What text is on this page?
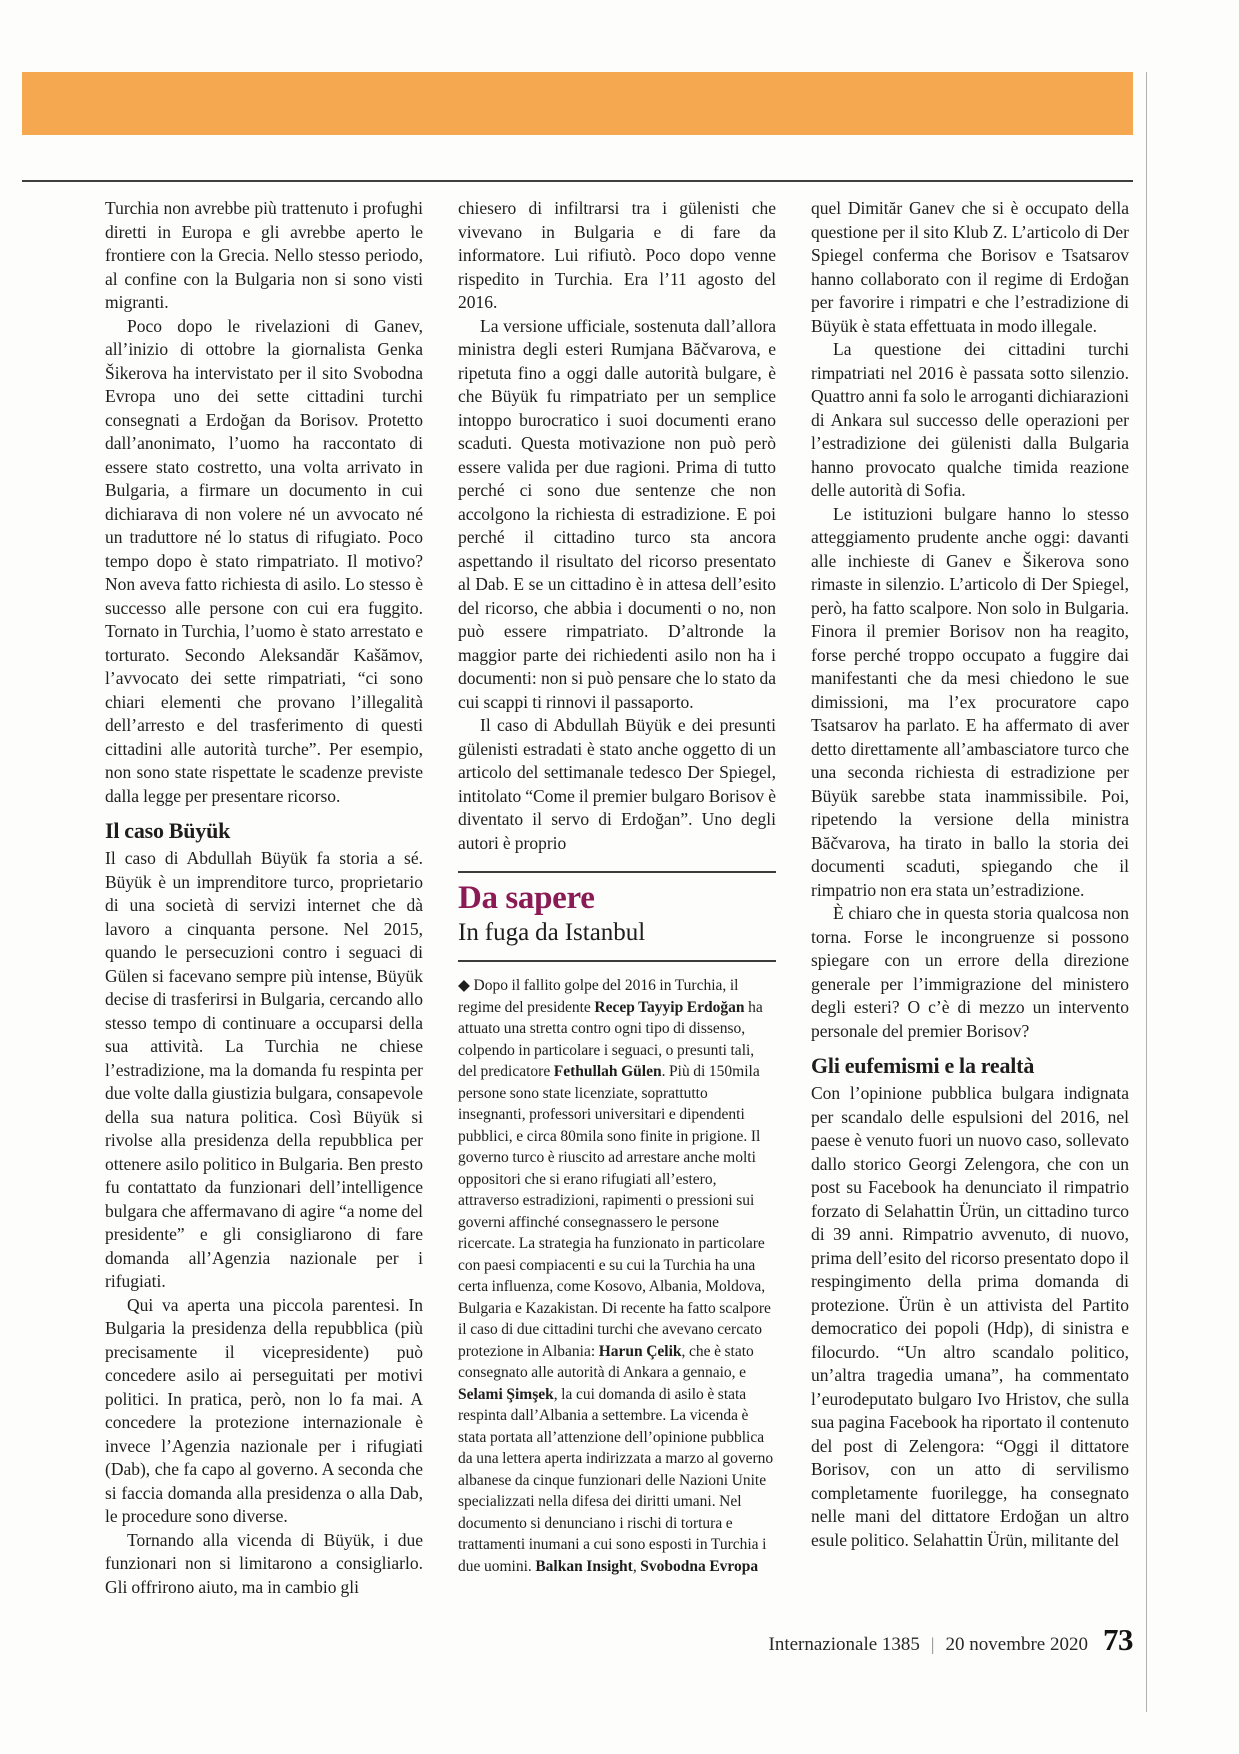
Turchia non avrebbe più trattenuto i profughi diretti in Europa e gli avrebbe aperto le frontiere con la Grecia. Nello stesso periodo, al confine con la Bulgaria non si sono visti migranti.

Poco dopo le rivelazioni di Ganev, all’inizio di ottobre la giornalista Genka Šikerova ha intervistato per il sito Svobodna Evropa uno dei sette cittadini turchi consegnati a Erdoğan da Borisov. Protetto dall’anonimato, l’uomo ha raccontato di essere stato costretto, una volta arrivato in Bulgaria, a firmare un documento in cui dichiarava di non volere né un avvocato né un traduttore né lo status di rifugiato. Poco tempo dopo è stato rimpatriato. Il motivo? Non aveva fatto richiesta di asilo. Lo stesso è successo alle persone con cui era fuggito. Tornato in Turchia, l’uomo è stato arrestato e torturato. Secondo Aleksandăr Kašămov, l’avvocato dei sette rimpatriati, “ci sono chiari elementi che provano l’illegalità dell’arresto e del trasferimento di questi cittadini alle autorità turche”. Per esempio, non sono state rispettate le scadenze previste dalla legge per presentare ricorso.

Il caso Büyük

Il caso di Abdullah Büyük fa storia a sé. Büyük è un imprenditore turco, proprietario di una società di servizi internet che dà lavoro a cinquanta persone. Nel 2015, quando le persecuzioni contro i seguaci di Gülen si facevano sempre più intense, Büyük decise di trasferirsi in Bulgaria, cercando allo stesso tempo di continuare a occuparsi della sua attività. La Turchia ne chiese l’estradizione, ma la domanda fu respinta per due volte dalla giustizia bulgara, consapevole della sua natura politica. Così Büyük si rivolse alla presidenza della repubblica per ottenere asilo politico in Bulgaria. Ben presto fu contattato da funzionari dell’intelligence bulgara che affermavano di agire “a nome del presidente” e gli consigliarono di fare domanda all’Agenzia nazionale per i rifugiati.

Qui va aperta una piccola parentesi. In Bulgaria la presidenza della repubblica (più precisamente il vicepresidente) può concedere asilo ai perseguitati per motivi politici. In pratica, però, non lo fa mai. A concedere la protezione internazionale è invece l’Agenzia nazionale per i rifugiati (Dab), che fa capo al governo. A seconda che si faccia domanda alla presidenza o alla Dab, le procedure sono diverse.

Tornando alla vicenda di Büyük, i due funzionari non si limitarono a consigliarlo. Gli offrirono aiuto, ma in cambio gli

chiesero di infiltrarsi tra i gülenisti che vivevano in Bulgaria e di fare da informatore. Lui rifiutò. Poco dopo venne rispedito in Turchia. Era l’11 agosto del 2016.

La versione ufficiale, sostenuta dall’allora ministra degli esteri Rumjana Băčvarova, e ripetuta fino a oggi dalle autorità bulgare, è che Büyük fu rimpatriato per un semplice intoppo burocratico i suoi documenti erano scaduti. Questa motivazione non può però essere valida per due ragioni. Prima di tutto perché ci sono due sentenze che non accolgono la richiesta di estradizione. E poi perché il cittadino turco sta ancora aspettando il risultato del ricorso presentato al Dab. E se un cittadino è in attesa dell’esito del ricorso, che abbia i documenti o no, non può essere rimpatriato. D’altronde la maggior parte dei richiedenti asilo non ha i documenti: non si può pensare che lo stato da cui scappi ti rinnovi il passaporto.

Il caso di Abdullah Büyük e dei presunti gülenisti estradati è stato anche oggetto di un articolo del settimanale tedesco Der Spiegel, intitolato “Come il premier bulgaro Borisov è diventato il servo di Erdoğan”. Uno degli autori è proprio

Da sapere
In fuga da Istanbul

◆ Dopo il fallito golpe del 2016 in Turchia, il regime del presidente Recep Tayyip Erdoğan ha attuato una stretta contro ogni tipo di dissenso, colpendo in particolare i seguaci, o presunti tali, del predicatore Fethullah Gülen. Più di 150mila persone sono state licenziate, soprattutto insegnanti, professori universitari e dipendenti pubblici, e circa 80mila sono finite in prigione. Il governo turco è riuscito ad arrestare anche molti oppositori che si erano rifugiati all’estero, attraverso estradizioni, rapimenti o pressioni sui governi affinché consegnassero le persone ricercate. La strategia ha funzionato in particolare con paesi compiacenti e su cui la Turchia ha una certa influenza, come Kosovo, Albania, Moldova, Bulgaria e Kazakistan. Di recente ha fatto scalpore il caso di due cittadini turchi che avevano cercato protezione in Albania: Harun Çelik, che è stato consegnato alle autorità di Ankara a gennaio, e Selami Şimşek, la cui domanda di asilo è stata respinta dall’Albania a settembre. La vicenda è stata portata all’attenzione dell’opinione pubblica da una lettera aperta indirizzata a marzo al governo albanese da cinque funzionari delle Nazioni Unite specializzati nella difesa dei diritti umani. Nel documento si denunciano i rischi di tortura e trattamenti inumani a cui sono esposti in Turchia i due uomini. Balkan Insight, Svobodna Evropa

quel Dimităr Ganev che si è occupato della questione per il sito Klub Z. L’articolo di Der Spiegel conferma che Borisov e Tsatsarov hanno collaborato con il regime di Erdoğan per favorire i rimpatri e che l’estradizione di Büyük è stata effettuata in modo illegale.

La questione dei cittadini turchi rimpatriati nel 2016 è passata sotto silenzio. Quattro anni fa solo le arroganti dichiarazioni di Ankara sul successo delle operazioni per l’estradizione dei gülenisti dalla Bulgaria hanno provocato qualche timida reazione delle autorità di Sofia.

Le istituzioni bulgare hanno lo stesso atteggiamento prudente anche oggi: davanti alle inchieste di Ganev e Šikerova sono rimaste in silenzio. L’articolo di Der Spiegel, però, ha fatto scalpore. Non solo in Bulgaria. Finora il premier Borisov non ha reagito, forse perché troppo occupato a fuggire dai manifestanti che da mesi chiedono le sue dimissioni, ma l’ex procuratore capo Tsatsarov ha parlato. E ha affermato di aver detto direttamente all’ambasciatore turco che una seconda richiesta di estradizione per Büyük sarebbe stata inammissibile. Poi, ripetendo la versione della ministra Băčvarova, ha tirato in ballo la storia dei documenti scaduti, spiegando che il rimpatrio non era stata un’estradizione.

È chiaro che in questa storia qualcosa non torna. Forse le incongruenze si possono spiegare con un errore della direzione generale per l’immigrazione del ministero degli esteri? O c’è di mezzo un intervento personale del premier Borisov?

Gli eufemismi e la realtà

Con l’opinione pubblica bulgara indignata per scandalo delle espulsioni del 2016, nel paese è venuto fuori un nuovo caso, sollevato dallo storico Georgi Zelengora, che con un post su Facebook ha denunciato il rimpatrio forzato di Selahattin Ürün, un cittadino turco di 39 anni. Rimpatrio avvenuto, di nuovo, prima dell’esito del ricorso presentato dopo il respingimento della prima domanda di protezione. Ürün è un attivista del Partito democratico dei popoli (Hdp), di sinistra e filocurdo. “Un altro scandalo politico, un’altra tragedia umana”, ha commentato l’eurodeputato bulgaro Ivo Hristov, che sulla sua pagina Facebook ha riportato il contenuto del post di Zelengora: “Oggi il dittatore Borisov, con un atto di servilismo completamente fuorilegge, ha consegnato nelle mani del dittatore Erdoğan un altro esule politico. Selahattin Ürün, militante del

Internazionale 1385 | 20 novembre 2020 73
